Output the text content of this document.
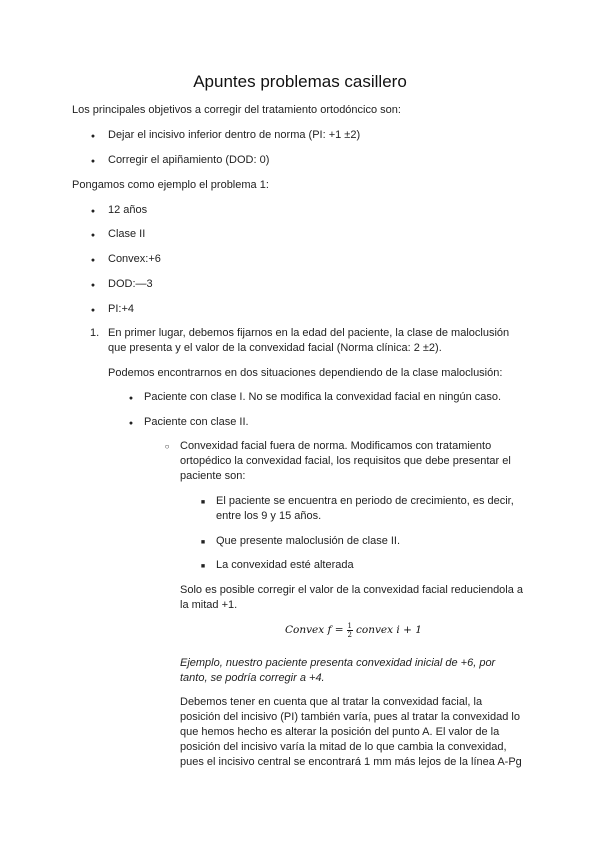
Apuntes problemas casillero
Los principales objetivos a corregir del tratamiento ortodóncico son:
●
Dejar el incisivo inferior dentro de norma (PI: +1 ±2)
●
Corregir el apiñamiento (DOD: 0)
Pongamos como ejemplo el problema 1:
●
12 años
●
Clase II
●
Convex:+6
●
DOD:—3
●
PI:+4
1. En primer lugar, debemos fijarnos en la edad del paciente, la clase de maloclusión
que presenta y el valor de la convexidad facial (Norma clínica: 2 ±2).
Podemos encontrarnos en dos situaciones dependiendo de la clase maloclusión:
●
Paciente con clase I. No se modifica la convexidad facial en ningún caso.
●
Paciente con clase II.
○
Convexidad facial fuera de norma. Modificamos con tratamiento
ortopédico la convexidad facial, los requisitos que debe presentar el
paciente son:
■
El paciente se encuentra en periodo de crecimiento, es decir,
entre los 9 y 15 años.
■
Que presente maloclusión de clase II.
■
La convexidad esté alterada
Solo es posible corregir el valor de la convexidad facial reduciendola a
la mitad +1.
Convex $f = \frac{1}{2}$ convex i + 1
Ejemplo, nuestro paciente presenta convexidad inicial de +6, por
tanto, se podría corregir a +4.
Debemos tener en cuenta que al tratar la convexidad facial, la
posición del incisivo (PI) también varía, pues al tratar la convexidad lo
que hemos hecho es alterar la posición del punto A. El valor de la
posición del incisivo varía la mitad de lo que cambia la convexidad,
pues el incisivo central se encontrará 1 mm más lejos de la línea A-Pg
